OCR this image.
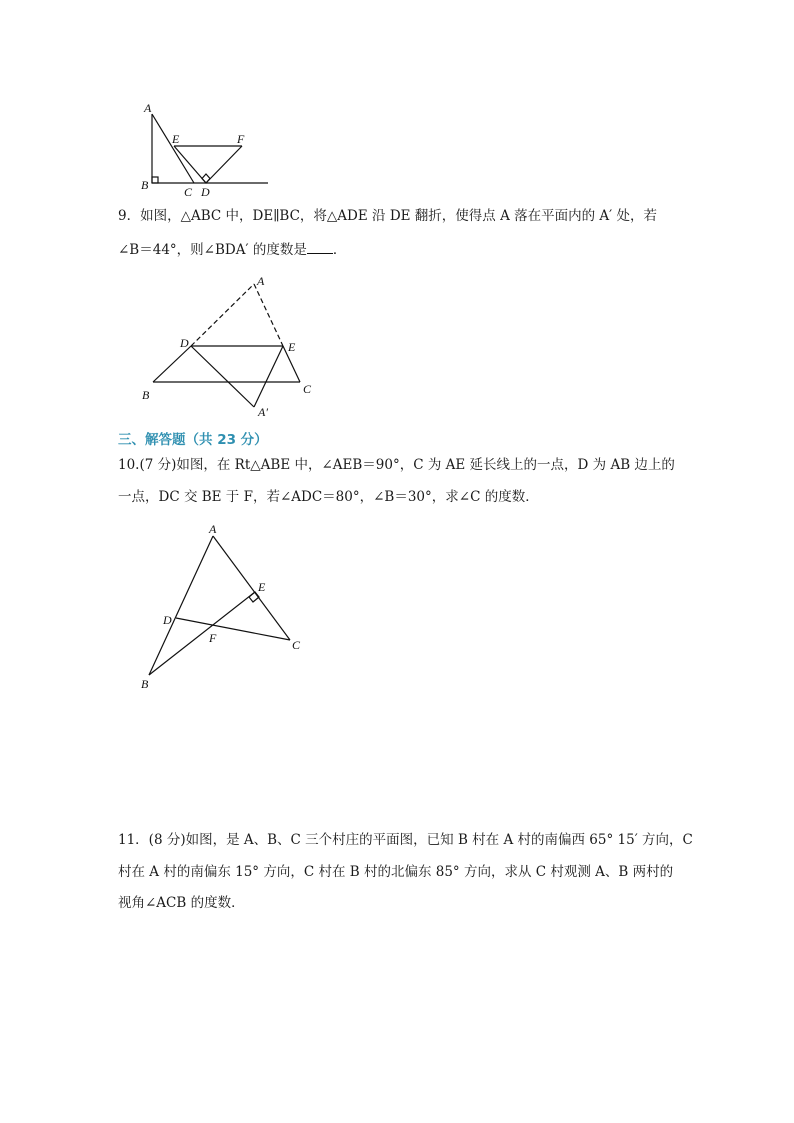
A
E	F
B	C D
9．如图，△ABC 中，DE∥BC，将△ADE 沿 DE 翻折，使得点 A 落在平面内的 A′ 处，若
∠B＝44°，则∠BDA′ 的度数是 ．
A
D	E
B	C
A′
三、解答题（共 23 分）
10.(7 分)如图，在 Rt△ABE 中，∠AEB＝90°，C 为 AE 延长线上的一点，D 为 AB 边上的
一点，DC 交 BE 于 F，若∠ADC＝80°，∠B＝30°，求∠C 的度数．
A
E
D
F	C
B
11．(8 分)如图，是 A、B、C 三个村庄的平面图，已知 B 村在 A 村的南偏西 65° 15′ 方向，C
村在 A 村的南偏东 15° 方向，C 村在 B 村的北偏东 85° 方向，求从 C 村观测 A、B 两村的
视角∠ACB 的度数．
